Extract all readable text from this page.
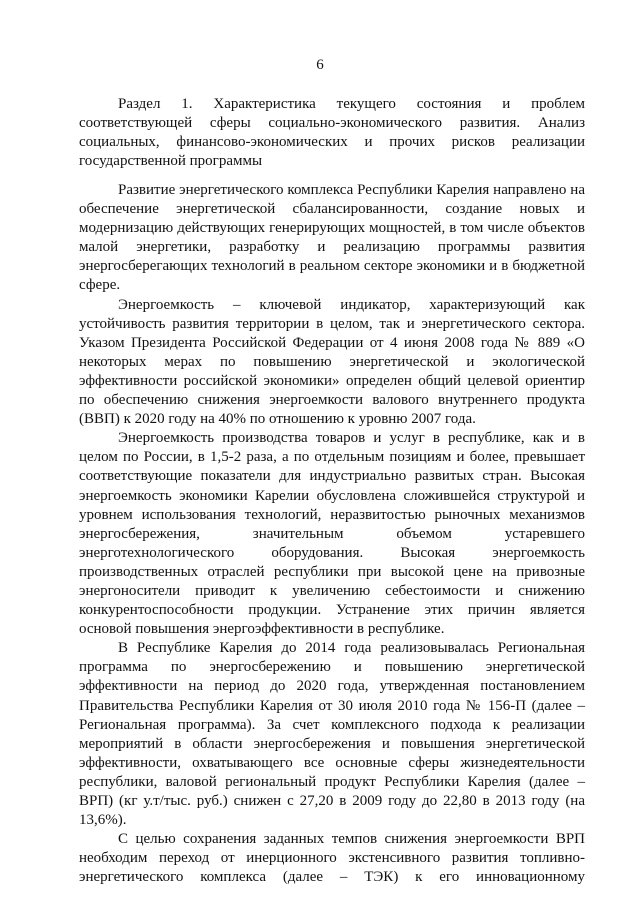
6

Раздел 1. Характеристика текущего состояния и проблем соответствующей сферы социально-экономического развития. Анализ социальных, финансово-экономических и прочих рисков реализации государственной программы

Развитие энергетического комплекса Республики Карелия направлено на обеспечение энергетической сбалансированности, создание новых и модернизацию действующих генерирующих мощностей, в том числе объектов малой энергетики, разработку и реализацию программы развития энергосберегающих технологий в реальном секторе экономики и в бюджетной сфере.

Энергоемкость – ключевой индикатор, характеризующий как устойчивость развития территории в целом, так и энергетического сектора. Указом Президента Российской Федерации от 4 июня 2008 года № 889 «О некоторых мерах по повышению энергетической и экологической эффективности российской экономики» определен общий целевой ориентир по обеспечению снижения энергоемкости валового внутреннего продукта (ВВП) к 2020 году на 40% по отношению к уровню 2007 года.

Энергоемкость производства товаров и услуг в республике, как и в целом по России, в 1,5-2 раза, а по отдельным позициям и более, превышает соответствующие показатели для индустриально развитых стран. Высокая энергоемкость экономики Карелии обусловлена сложившейся структурой и уровнем использования технологий, неразвитостью рыночных механизмов энергосбережения, значительным объемом устаревшего энерготехнологического оборудования. Высокая энергоемкость производственных отраслей республики при высокой цене на привозные энергоносители приводит к увеличению себестоимости и снижению конкурентоспособности продукции. Устранение этих причин является основой повышения энергоэффективности в республике.

В Республике Карелия до 2014 года реализовывалась Региональная программа по энергосбережению и повышению энергетической эффективности на период до 2020 года, утвержденная постановлением Правительства Республики Карелия от 30 июля 2010 года № 156-П (далее – Региональная программа). За счет комплексного подхода к реализации мероприятий в области энергосбережения и повышения энергетической эффективности, охватывающего все основные сферы жизнедеятельности республики, валовой региональный продукт Республики Карелия (далее – ВРП) (кг у.т/тыс. руб.) снижен с 27,20 в 2009 году до 22,80 в 2013 году (на 13,6%).

С целью сохранения заданных темпов снижения энергоемкости ВРП необходим переход от инерционного экстенсивного развития топливно-энергетического комплекса (далее – ТЭК) к его инновационному
